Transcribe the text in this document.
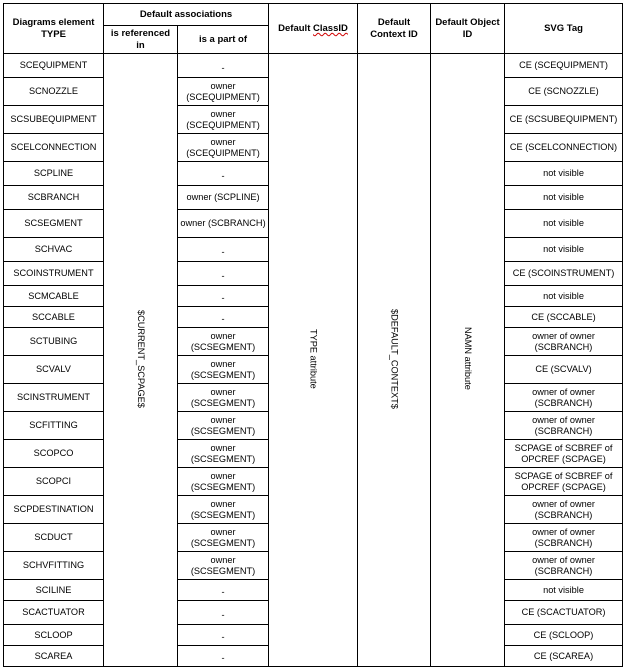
Diagrams element TYPE	Default associations		Default ClassID	Default Context ID	Default Object ID	SVG Tag
	is referenced in	is a part of				
SCEQUIPMENT	$CURRENT_SCPAGE$	-	TYPE attribute	$DEFAULT_CONTEXT$	NAMN attribute	CE (SCEQUIPMENT)
SCNOZZLE		owner (SCEQUIPMENT)				CE (SCNOZZLE)
SCSUBEQUIPMENT		owner (SCEQUIPMENT)				CE (SCSUBEQUIPMENT)
SCELCONNECTION		owner (SCEQUIPMENT)				CE (SCELCONNECTION)
SCPLINE		-				not visible
SCBRANCH		owner (SCPLINE)				not visible
SCSEGMENT		owner (SCBRANCH)				not visible
SCHVAC		-				not visible
SCOINSTRUMENT		-				CE (SCOINSTRUMENT)
SCMCABLE		-				not visible
SCCABLE		-				CE (SCCABLE)
SCTUBING		owner (SCSEGMENT)				owner of owner (SCBRANCH)
SCVALV		owner (SCSEGMENT)				CE (SCVALV)
SCINSTRUMENT		owner (SCSEGMENT)				owner of owner (SCBRANCH)
SCFITTING		owner (SCSEGMENT)				owner of owner (SCBRANCH)
SCOPCO		owner (SCSEGMENT)				SCPAGE of SCBREF of OPCREF (SCPAGE)
SCOPCI		owner (SCSEGMENT)				SCPAGE of SCBREF of OPCREF (SCPAGE)
SCPDESTINATION		owner (SCSEGMENT)				owner of owner (SCBRANCH)
SCDUCT		owner (SCSEGMENT)				owner of owner (SCBRANCH)
SCHVFITTING		owner (SCSEGMENT)				owner of owner (SCBRANCH)
SCILINE		-				not visible
SCACTUATOR		-				CE (SCACTUATOR)
SCLOOP		-				CE (SCLOOP)
SCAREA		-				CE (SCAREA)
